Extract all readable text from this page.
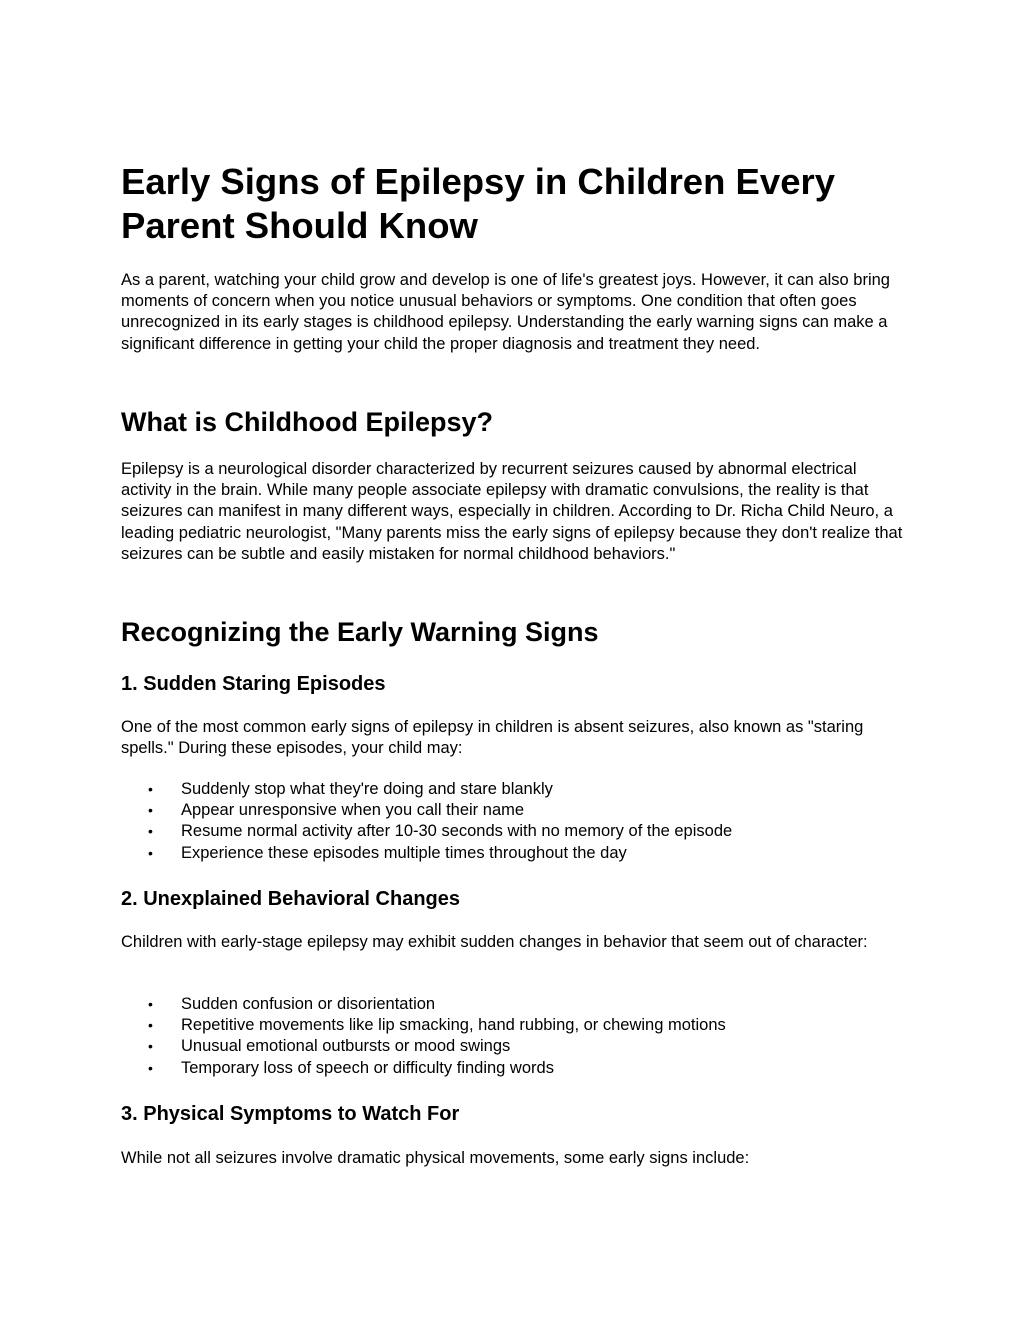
Early Signs of Epilepsy in Children Every Parent Should Know

As a parent, watching your child grow and develop is one of life's greatest joys. However, it can also bring moments of concern when you notice unusual behaviors or symptoms. One condition that often goes unrecognized in its early stages is childhood epilepsy. Understanding the early warning signs can make a significant difference in getting your child the proper diagnosis and treatment they need.

What is Childhood Epilepsy?

Epilepsy is a neurological disorder characterized by recurrent seizures caused by abnormal electrical activity in the brain. While many people associate epilepsy with dramatic convulsions, the reality is that seizures can manifest in many different ways, especially in children. According to Dr. Richa Child Neuro, a leading pediatric neurologist, "Many parents miss the early signs of epilepsy because they don't realize that seizures can be subtle and easily mistaken for normal childhood behaviors."

Recognizing the Early Warning Signs
1. Sudden Staring Episodes

One of the most common early signs of epilepsy in children is absent seizures, also known as "staring spells." During these episodes, your child may:

• Suddenly stop what they're doing and stare blankly
• Appear unresponsive when you call their name
• Resume normal activity after 10-30 seconds with no memory of the episode
• Experience these episodes multiple times throughout the day
2. Unexplained Behavioral Changes

Children with early-stage epilepsy may exhibit sudden changes in behavior that seem out of character:

• Sudden confusion or disorientation
• Repetitive movements like lip smacking, hand rubbing, or chewing motions
• Unusual emotional outbursts or mood swings
• Temporary loss of speech or difficulty finding words
3. Physical Symptoms to Watch For

While not all seizures involve dramatic physical movements, some early signs include:
